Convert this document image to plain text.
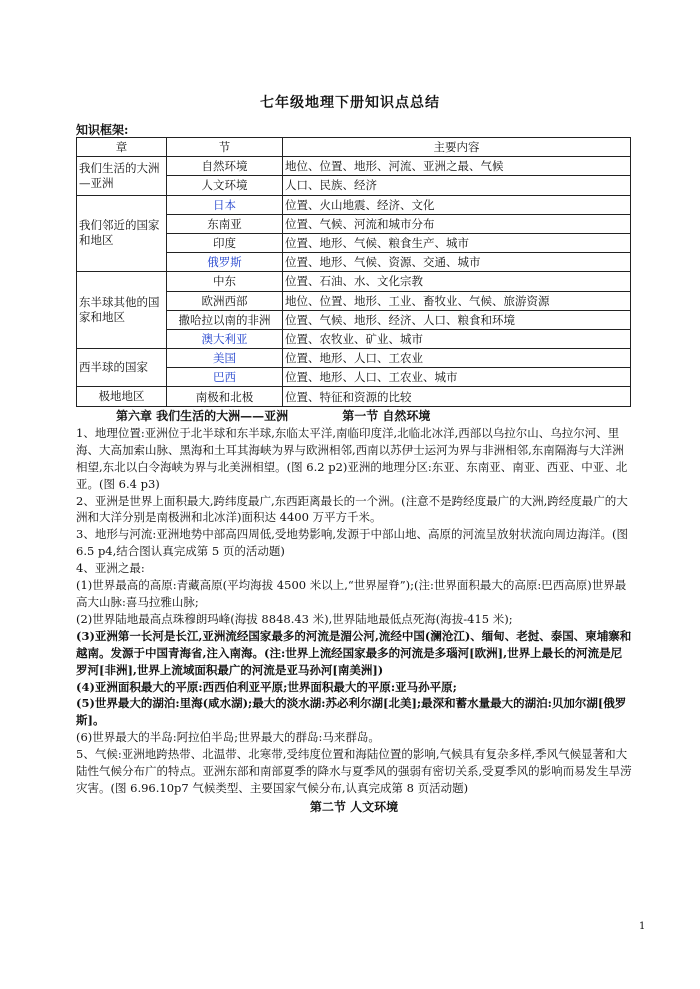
七年级地理下册知识点总结
知识框架:
章	节	主要内容
我们生活的大洲—亚洲	自然环境	地位、位置、地形、河流、亚洲之最、气候
	人文环境	人口、民族、经济
我们邻近的国家和地区	日本	位置、火山地震、经济、文化
	东南亚	位置、气候、河流和城市分布
	印度	位置、地形、气候、粮食生产、城市
	俄罗斯	位置、地形、气候、资源、交通、城市
东半球其他的国家和地区	中东	位置、石油、水、文化宗教
	欧洲西部	地位、位置、地形、工业、畜牧业、气候、旅游资源
	撒哈拉以南的非洲	位置、气候、地形、经济、人口、粮食和环境
	澳大利亚	位置、农牧业、矿业、城市
西半球的国家	美国	位置、地形、人口、工农业
	巴西	位置、地形、人口、工农业、城市
极地地区	南极和北极	位置、特征和资源的比较

第六章 我们生活的大洲——亚洲	第一节 自然环境

1、地理位置:亚洲位于北半球和东半球,东临太平洋,南临印度洋,北临北冰洋,西部以乌拉尔山、乌拉尔河、里海、大高加索山脉、黑海和土耳其海峡为界与欧洲相邻,西南以苏伊士运河为界与非洲相邻,东南隔海与大洋洲相望,东北以白令海峡为界与北美洲相望。(图 6.2 p2)亚洲的地理分区:东亚、东南亚、南亚、西亚、中亚、北亚。(图 6.4 p3)

2、亚洲是世界上面积最大,跨纬度最广,东西距离最长的一个洲。(注意不是跨经度最广的大洲,跨经度最广的大洲和大洋分别是南极洲和北冰洋)面积达 4400 万平方千米。

3、地形与河流:亚洲地势中部高四周低,受地势影响,发源于中部山地、高原的河流呈放射状流向周边海洋。(图 6.5 p4,结合图认真完成第 5 页的活动题)

4、亚洲之最:

(1)世界最高的高原:青藏高原(平均海拔 4500 米以上,“世界屋脊”);(注:世界面积最大的高原:巴西高原)世界最高大山脉:喜马拉雅山脉;

(2)世界陆地最高点珠穆朗玛峰(海拔 8848.43 米),世界陆地最低点死海(海拔-415 米);

(3)亚洲第一长河是长江,亚洲流经国家最多的河流是湄公河,流经中国(澜沧江)、缅甸、老挝、泰国、柬埔寨和越南。发源于中国青海省,注入南海。(注:世界上流经国家最多的河流是多瑙河[欧洲],世界上最长的河流是尼罗河[非洲],世界上流域面积最广的河流是亚马孙河[南美洲])

(4)亚洲面积最大的平原:西西伯利亚平原;世界面积最大的平原:亚马孙平原;

(5)世界最大的湖泊:里海(咸水湖);最大的淡水湖:苏必利尔湖[北美];最深和蓄水量最大的湖泊:贝加尔湖[俄罗斯]。

(6)世界最大的半岛:阿拉伯半岛;世界最大的群岛:马来群岛。

5、气候:亚洲地跨热带、北温带、北寒带,受纬度位置和海陆位置的影响,气候具有复杂多样,季风气候显著和大陆性气候分布广的特点。亚洲东部和南部夏季的降水与夏季风的强弱有密切关系,受夏季风的影响而易发生旱涝灾害。(图 6.96.10p7 气候类型、主要国家气候分布,认真完成第 8 页活动题)

第二节 人文环境

1
